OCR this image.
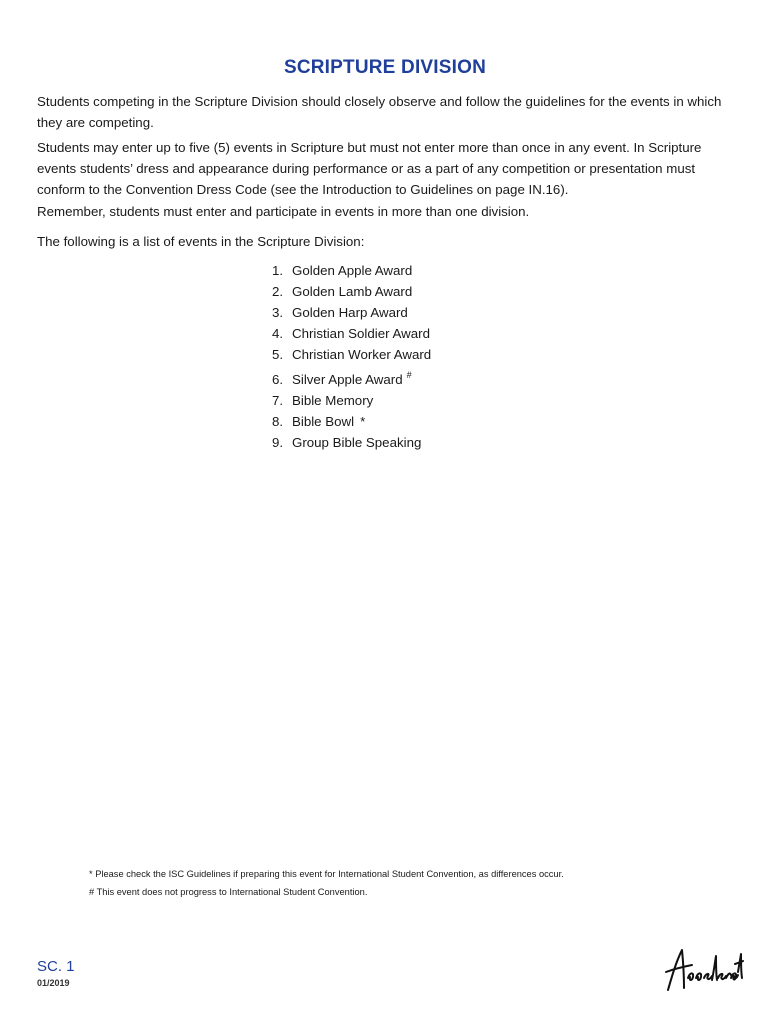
SCRIPTURE DIVISION

Students competing in the Scripture Division should closely observe and follow the guidelines for the events in which they are competing.

Students may enter up to five (5) events in Scripture but must not enter more than once in any event. In Scripture events students’ dress and appearance during performance or as a part of any competition or presentation must conform to the Convention Dress Code (see the Introduction to Guidelines on page IN.16).

Remember, students must enter and participate in events in more than one division.

The following is a list of events in the Scripture Division:

1. Golden Apple Award
2. Golden Lamb Award
3. Golden Harp Award
4. Christian Soldier Award
5. Christian Worker Award
6. Silver Apple Award #
7. Bible Memory
8. Bible Bowl *
9. Group Bible Speaking
* Please check the ISC Guidelines if preparing this event for International Student Convention, as differences occur.
# This event does not progress to International Student Convention.
SC. 1
01/2019
